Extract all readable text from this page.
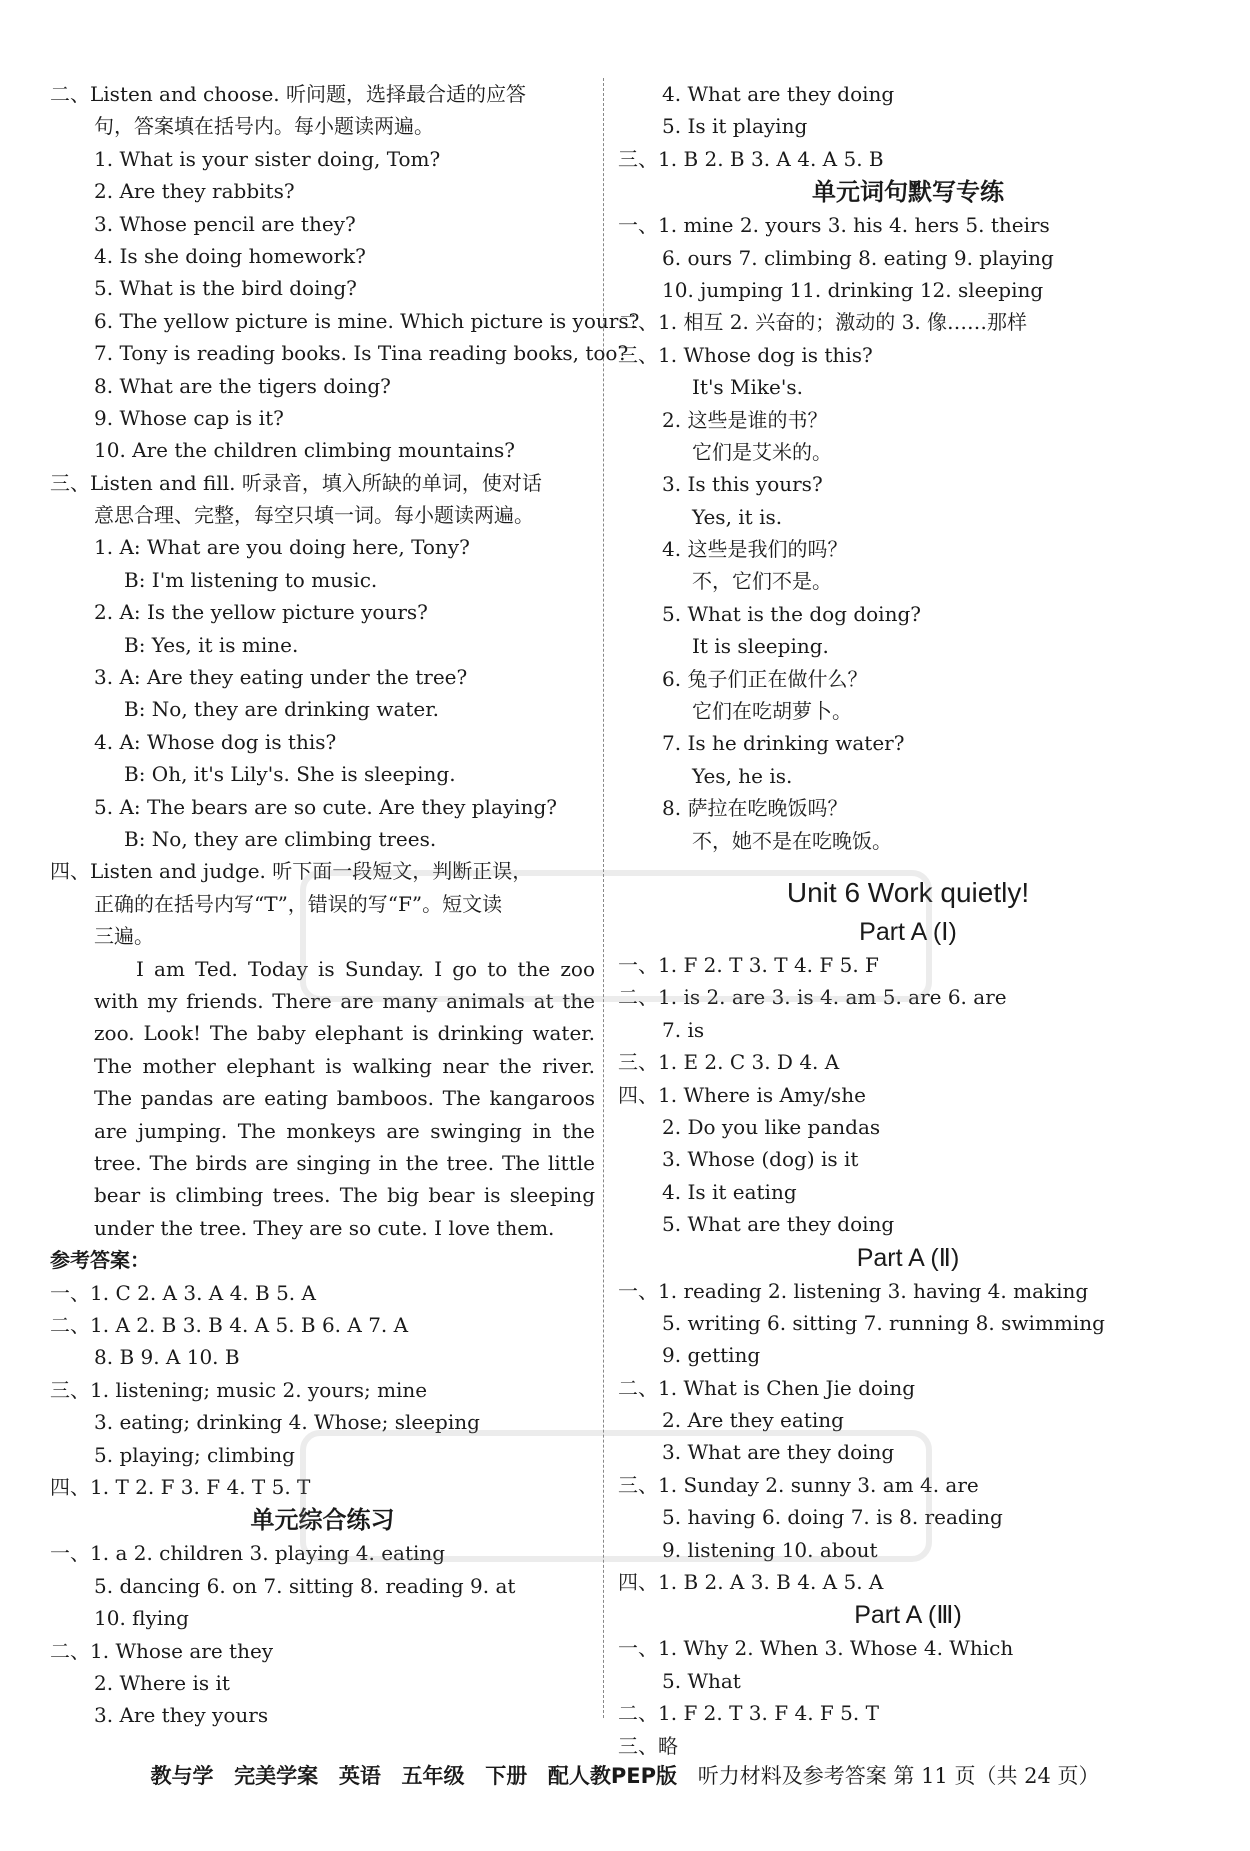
二、Listen and choose. 听问题，选择最合适的应答
句，答案填在括号内。每小题读两遍。
1. What is your sister doing, Tom?
2. Are they rabbits?
3. Whose pencil are they?
4. Is she doing homework?
5. What is the bird doing?
6. The yellow picture is mine. Which picture is yours?
7. Tony is reading books. Is Tina reading books, too?
8. What are the tigers doing?
9. Whose cap is it?
10. Are the children climbing mountains?
三、Listen and fill. 听录音，填入所缺的单词，使对话
意思合理、完整，每空只填一词。每小题读两遍。
1. A: What are you doing here, Tony?
B: I'm listening to music.
2. A: Is the yellow picture yours?
B: Yes, it is mine.
3. A: Are they eating under the tree?
B: No, they are drinking water.
4. A: Whose dog is this?
B: Oh, it's Lily's. She is sleeping.
5. A: The bears are so cute. Are they playing?
B: No, they are climbing trees.
四、Listen and judge. 听下面一段短文，判断正误，
正确的在括号内写“T”，错误的写“F”。短文读
三遍。

I am Ted. Today is Sunday. I go to the zoo with my friends. There are many animals at the zoo. Look! The baby elephant is drinking water. The mother elephant is walking near the river. The pandas are eating bamboos. The kangaroos are jumping. The monkeys are swinging in the tree. The birds are singing in the tree. The little bear is climbing trees. The big bear is sleeping under the tree. They are so cute. I love them.

参考答案：
一、1. C 2. A 3. A 4. B 5. A
二、1. A 2. B 3. B 4. A 5. B 6. A 7. A
8. B 9. A 10. B
三、1. listening; music 2. yours; mine
3. eating; drinking 4. Whose; sleeping
5. playing; climbing
四、1. T 2. F 3. F 4. T 5. T
单元综合练习
一、1. a 2. children 3. playing 4. eating
5. dancing 6. on 7. sitting 8. reading 9. at
10. flying
二、1. Whose are they
2. Where is it
3. Are they yours
4. What are they doing
5. Is it playing
三、1. B 2. B 3. A 4. A 5. B
单元词句默写专练
一、1. mine 2. yours 3. his 4. hers 5. theirs
6. ours 7. climbing 8. eating 9. playing
10. jumping 11. drinking 12. sleeping
二、1. 相互 2. 兴奋的；激动的 3. 像……那样
三、1. Whose dog is this?
It's Mike's.
2. 这些是谁的书？
它们是艾米的。
3. Is this yours?
Yes, it is.
4. 这些是我们的吗？
不，它们不是。
5. What is the dog doing?
It is sleeping.
6. 兔子们正在做什么？
它们在吃胡萝卜。
7. Is he drinking water?
Yes, he is.
8. 萨拉在吃晚饭吗？
不，她不是在吃晚饭。
Unit 6 Work quietly!
Part A (Ⅰ)
一、1. F 2. T 3. T 4. F 5. F
二、1. is 2. are 3. is 4. am 5. are 6. are
7. is
三、1. E 2. C 3. D 4. A
四、1. Where is Amy/she
2. Do you like pandas
3. Whose (dog) is it
4. Is it eating
5. What are they doing
Part A (Ⅱ)
一、1. reading 2. listening 3. having 4. making
5. writing 6. sitting 7. running 8. swimming
9. getting
二、1. What is Chen Jie doing
2. Are they eating
3. What are they doing
三、1. Sunday 2. sunny 3. am 4. are
5. having 6. doing 7. is 8. reading
9. listening 10. about
四、1. B 2. A 3. B 4. A 5. A
Part A (Ⅲ)
一、1. Why 2. When 3. Whose 4. Which
5. What
二、1. F 2. T 3. F 4. F 5. T
三、略
教与学 完美学案 英语 五年级 下册 配人教PEP版 听力材料及参考答案 第 11 页（共 24 页）
